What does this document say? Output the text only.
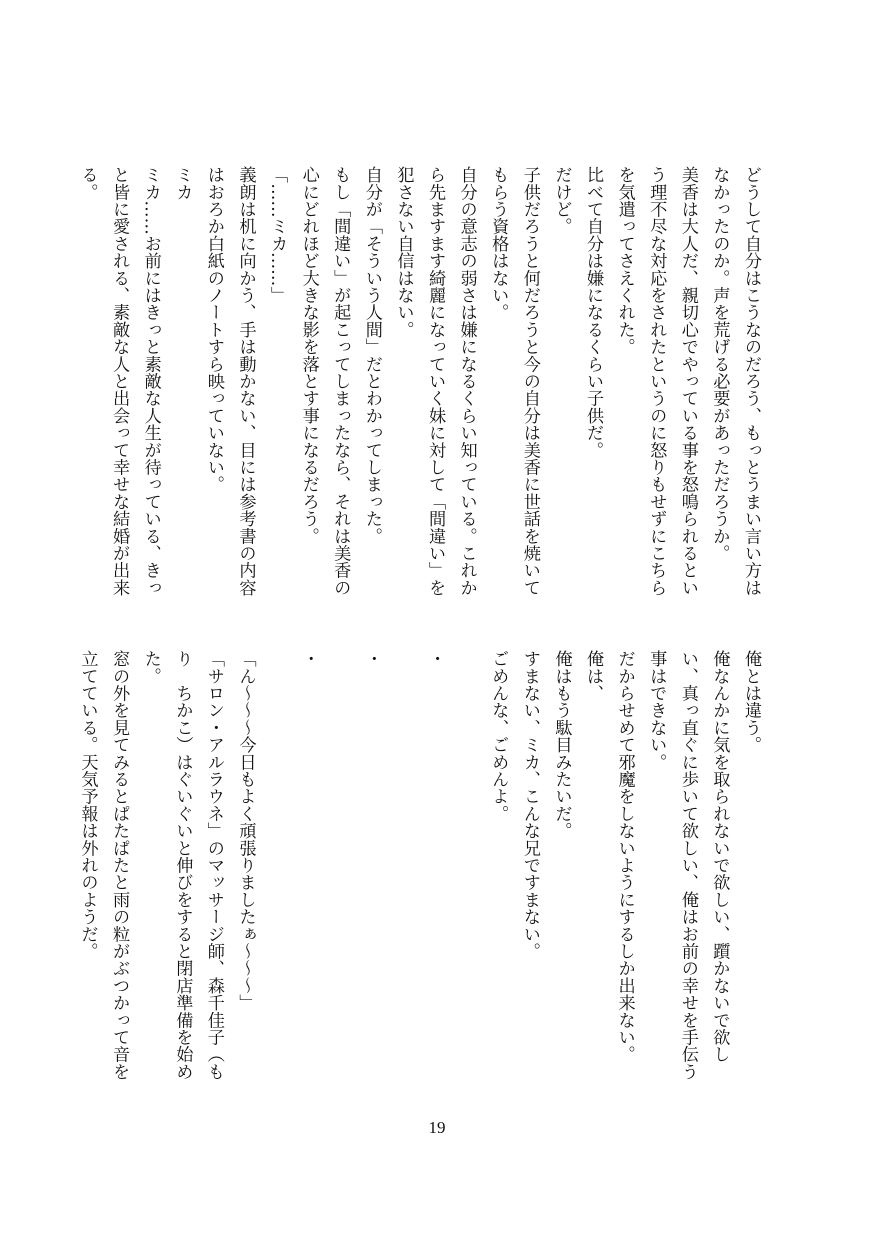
どうして自分はこうなのだろう、もっとうまい言い方は
なかったのか。声を荒げる必要があっただろうか。
美香は大人だ、親切心でやっている事を怒鳴られるとい
う理不尽な対応をされたというのに怒りもせずにこちら
を気遣ってさえくれた。
比べて自分は嫌になるくらい子供だ。
だけど。
子供だろうと何だろうと今の自分は美香に世話を焼いて
もらう資格はない。
自分の意志の弱さは嫌になるくらい知っている。これか
ら先ますます綺麗になっていく妹に対して「間違い」を
犯さない自信はない。
自分が「そういう人間」だとわかってしまった。
もし「間違い」が起こってしまったなら、それは美香の
心にどれほど大きな影を落とす事になるだろう。
「……ミカ……」
義朗は机に向かう、手は動かない、目には参考書の内容
はおろか白紙のノートすら映っていない。
ミカ
ミカ……お前にはきっと素敵な人生が待っている、きっ
と皆に愛される、素敵な人と出会って幸せな結婚が出来
る。
俺とは違う。
俺なんかに気を取られないで欲しい、躓かないで欲し
い、真っ直ぐに歩いて欲しい、俺はお前の幸せを手伝う
事はできない。
だからせめて邪魔をしないようにするしか出来ない。
俺は、
俺はもう駄目みたいだ。
すまない、ミカ、こんな兄ですまない。
ごめんな、ごめんよ。

・

・

・

「ん～～～今日もよく頑張りましたぁ～～～」
「サロン・アルラウネ」のマッサージ師、森千佳子（も
り　ちかこ）はぐいぐいと伸びをすると閉店準備を始め
た。
窓の外を見てみるとぱたぱたと雨の粒がぶつかって音を
立てている。天気予報は外れのようだ。
19
